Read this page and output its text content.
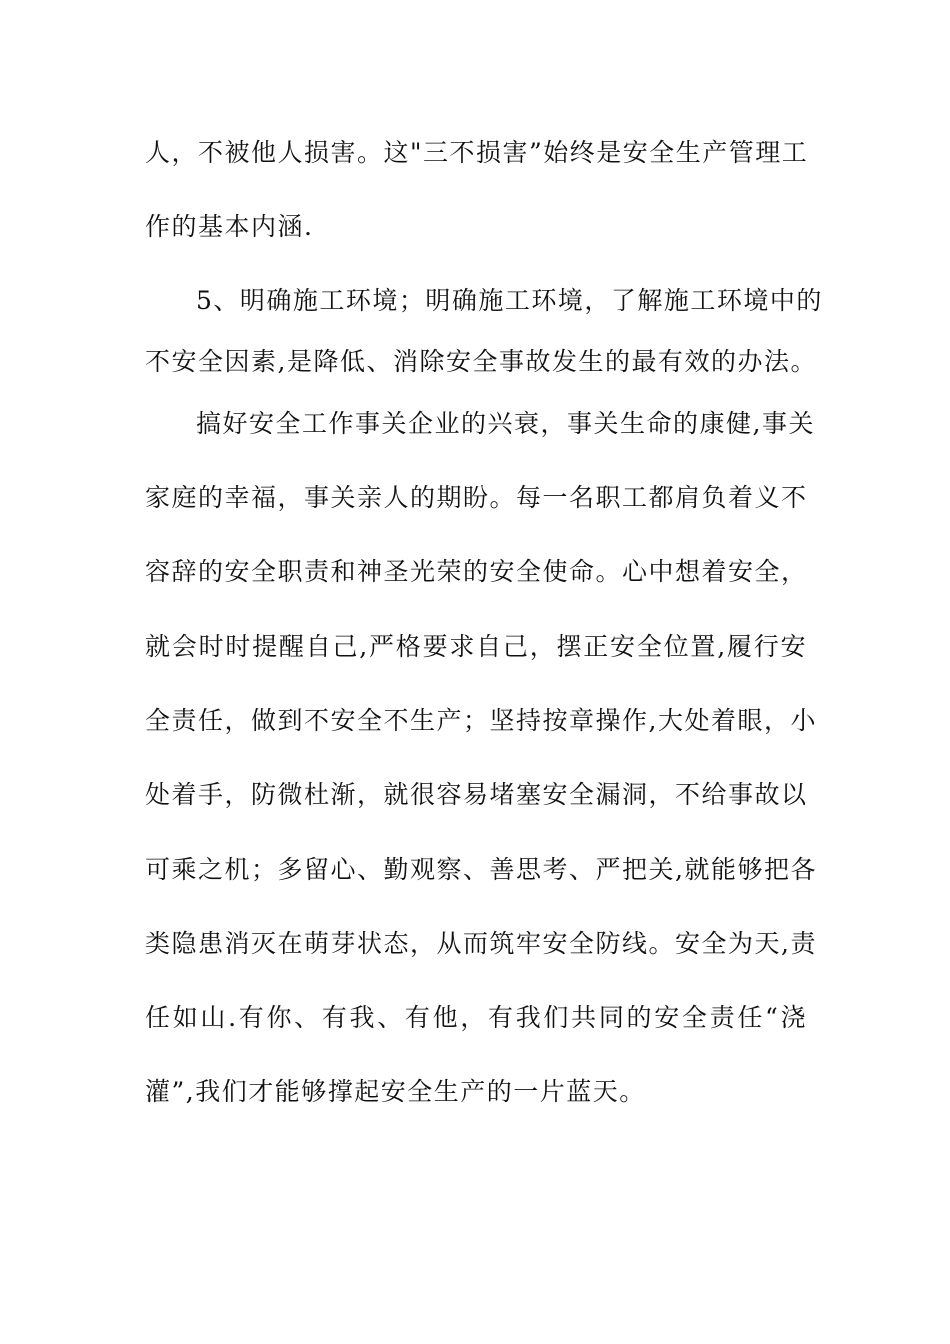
人，不被他人损害。这"三不损害”始终是安全生产管理工
作的基本内涵.
5、明确施工环境；明确施工环境，了解施工环境中的
不安全因素,是降低、消除安全事故发生的最有效的办法。
搞好安全工作事关企业的兴衰，事关生命的康健,事关
家庭的幸福，事关亲人的期盼。每一名职工都肩负着义不
容辞的安全职责和神圣光荣的安全使命。心中想着安全，
就会时时提醒自己,严格要求自己，摆正安全位置,履行安
全责任，做到不安全不生产；坚持按章操作,大处着眼，小
处着手，防微杜渐，就很容易堵塞安全漏洞，不给事故以
可乘之机；多留心、勤观察、善思考、严把关,就能够把各
类隐患消灭在萌芽状态，从而筑牢安全防线。安全为天,责
任如山.有你、有我、有他，有我们共同的安全责任“浇
灌”,我们才能够撑起安全生产的一片蓝天。
